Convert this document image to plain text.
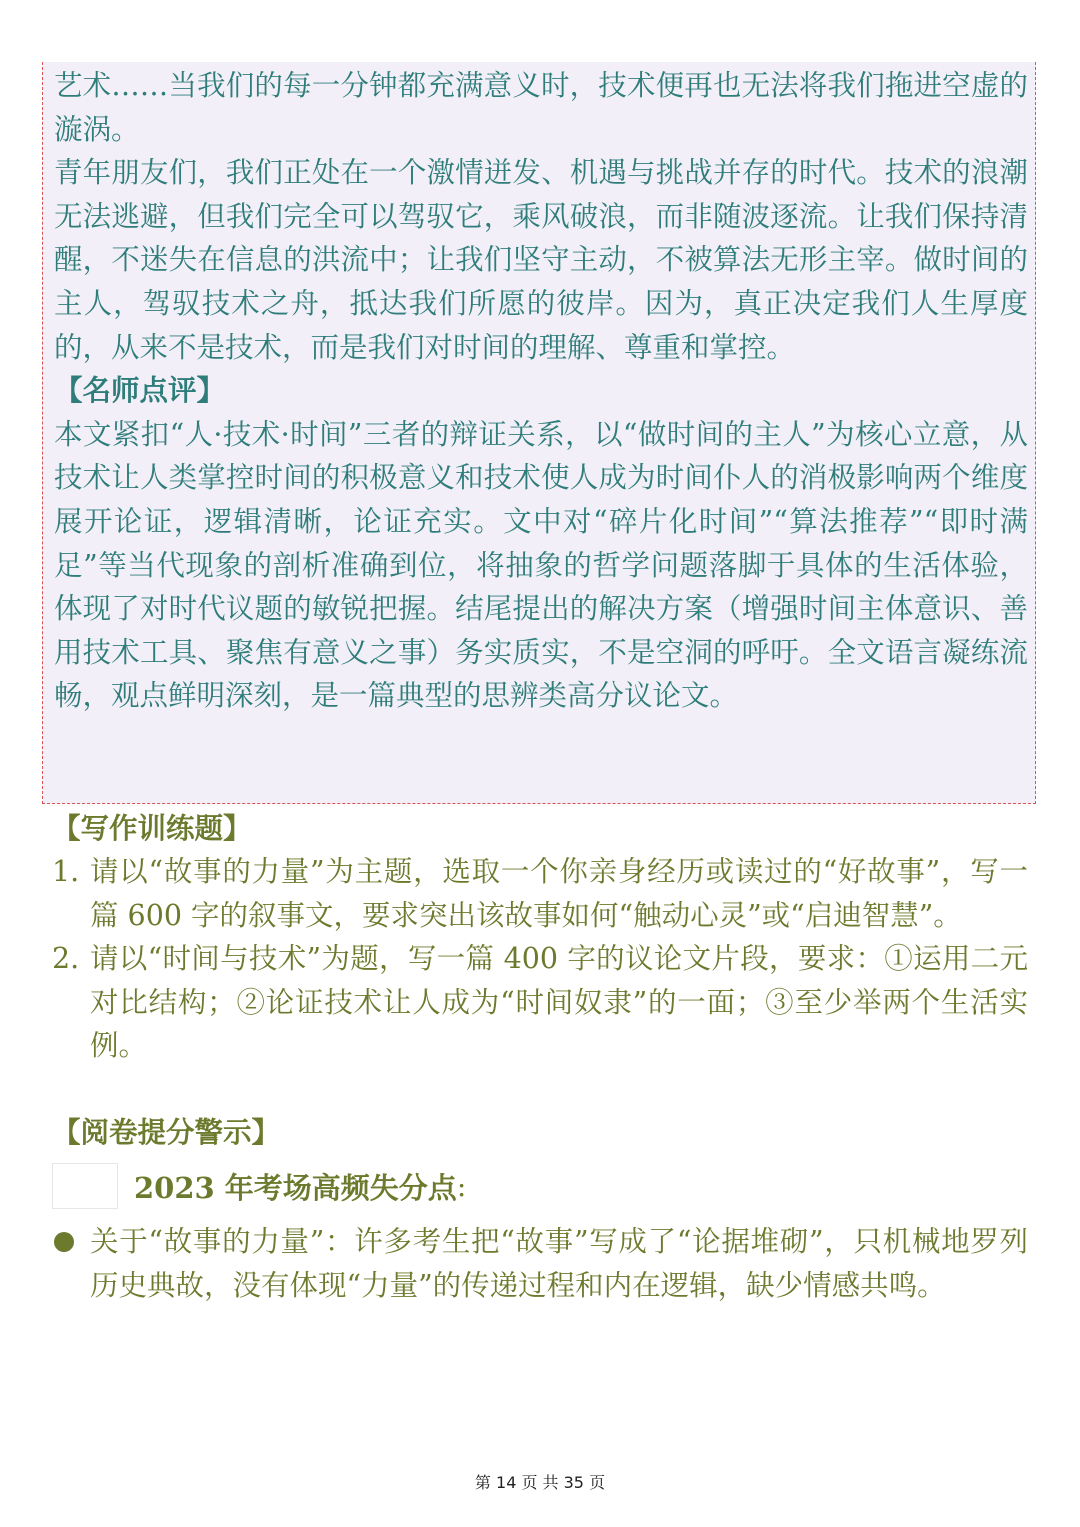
艺术……当我们的每一分钟都充满意义时，技术便再也无法将我们拖进空虚的漩涡。

青年朋友们，我们正处在一个激情迸发、机遇与挑战并存的时代。技术的浪潮无法逃避，但我们完全可以驾驭它，乘风破浪，而非随波逐流。让我们保持清醒，不迷失在信息的洪流中；让我们坚守主动，不被算法无形主宰。做时间的主人，驾驭技术之舟，抵达我们所愿的彼岸。因为，真正决定我们人生厚度的，从来不是技术，而是我们对时间的理解、尊重和掌控。

【名师点评】

本文紧扣“人·技术·时间”三者的辩证关系，以“做时间的主人”为核心立意，从技术让人类掌控时间的积极意义和技术使人成为时间仆人的消极影响两个维度展开论证，逻辑清晰，论证充实。文中对“碎片化时间”“算法推荐”“即时满足”等当代现象的剖析准确到位，将抽象的哲学问题落脚于具体的生活体验，体现了对时代议题的敏锐把握。结尾提出的解决方案（增强时间主体意识、善用技术工具、聚焦有意义之事）务实质实，不是空洞的呼吁。全文语言凝练流畅，观点鲜明深刻，是一篇典型的思辨类高分议论文。

【写作训练题】
1. 请以“故事的力量”为主题，选取一个你亲身经历或读过的“好故事”，写一篇 600 字的叙事文，要求突出该故事如何“触动心灵”或“启迪智慧”。
2. 请以“时间与技术”为题，写一篇 400 字的议论文片段，要求：①运用二元对比结构；②论证技术让人成为“时间奴隶”的一面；③至少举两个生活实例。
【阅卷提分警示】
2023 年考场高频失分点 :
关于“故事的力量”：许多考生把“故事”写成了“论据堆砌”，只机械地罗列历史典故，没有体现“力量”的传递过程和内在逻辑，缺少情感共鸣。
第 14 页 共 35 页
